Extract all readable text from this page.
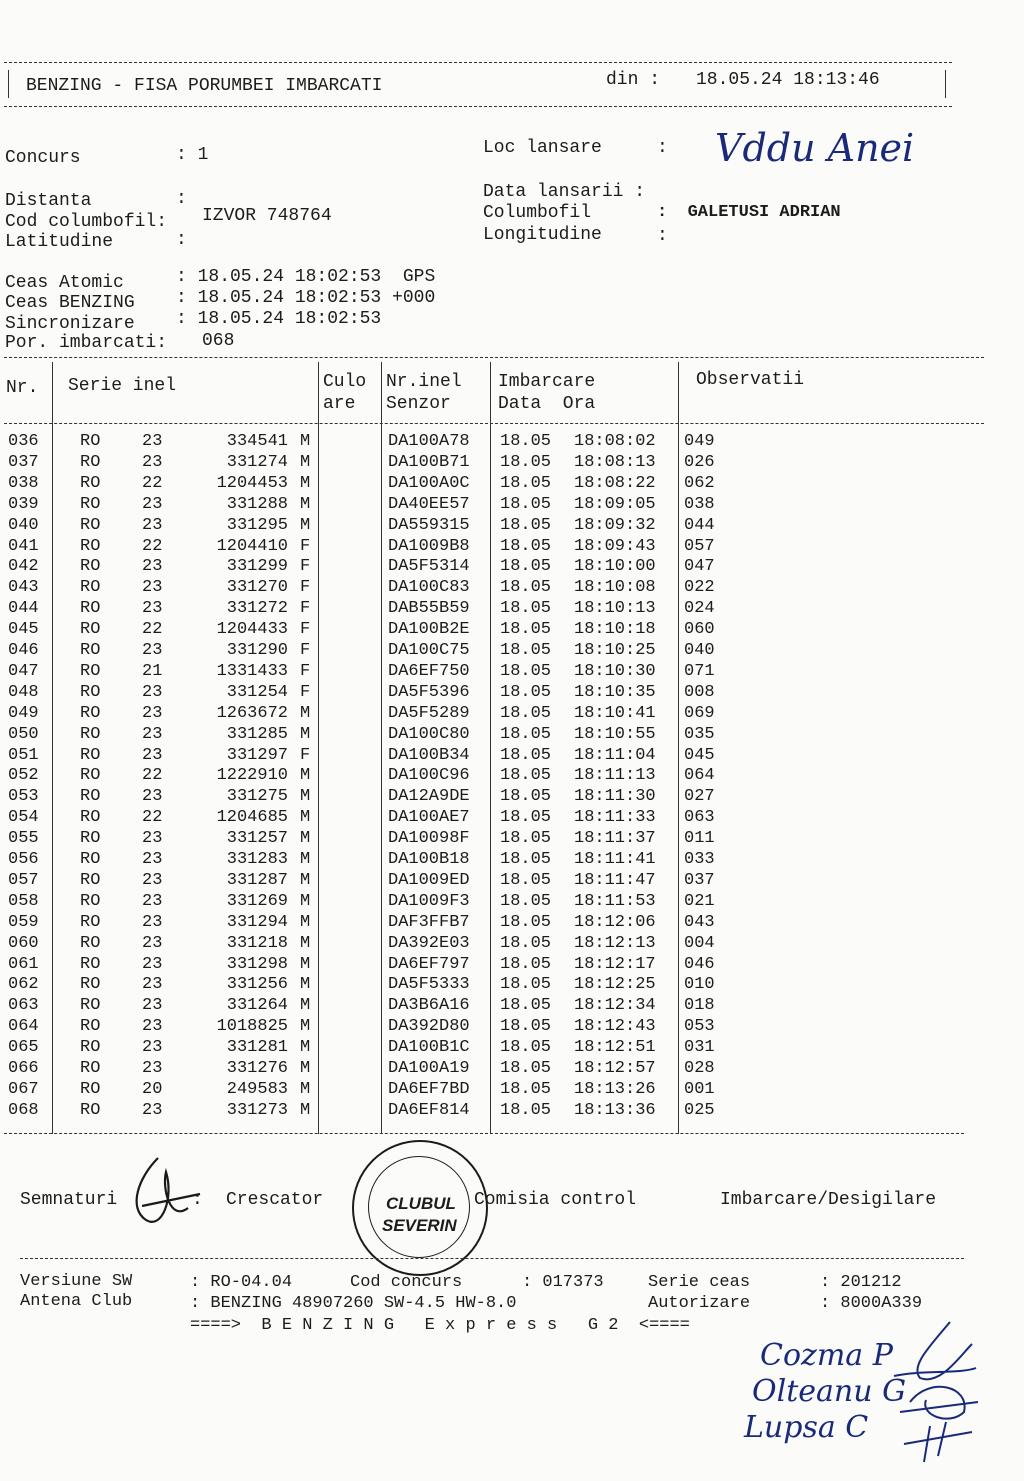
BENZING - FISA PORUMBEI IMBARCATI	din : 18.05.24 18:13:46
Concurs	: 1	Loc lansare	: Vddu Anei
Distanta	:	Data lansarii :
Cod columbofil: IZVOR 748764	Columbofil	:  GALETUSI ADRIAN
Latitudine	:	Longitudine	:
Ceas Atomic	: 18.05.24 18:02:53  GPS
Ceas BENZING : 18.05.24 18:02:53 +000
Sincronizare : 18.05.24 18:02:53
Por. imbarcati: 068
Nr. Serie inel	Culo
are
Nr.inel
Senzor
Imbarcare
Data  Ora
Observatii
036 RO 23	334541 M	DA100A78 18.05 18:08:02 049
037 RO 23	331274 M	DA100B71 18.05 18:08:13 026
038 RO 22	1204453 M	DA100A0C 18.05 18:08:22 062
039 RO 23	331288 M	DA40EE57 18.05 18:09:05 038
040 RO 23	331295 M	DA559315 18.05 18:09:32 044
041 RO 22	1204410 F	DA1009B8 18.05 18:09:43 057
042 RO 23	331299 F	DA5F5314 18.05 18:10:00 047
043 RO 23	331270 F	DA100C83 18.05 18:10:08 022
044 RO 23	331272 F	DAB55B59 18.05 18:10:13 024
045 RO 22	1204433 F	DA100B2E 18.05 18:10:18 060
046 RO 23	331290 F	DA100C75 18.05 18:10:25 040
047 RO 21	1331433 F	DA6EF750 18.05 18:10:30 071
048 RO 23	331254 F	DA5F5396 18.05 18:10:35 008
049 RO 23	1263672 M	DA5F5289 18.05 18:10:41 069
050 RO 23	331285 M	DA100C80 18.05 18:10:55 035
051 RO 23	331297 F	DA100B34 18.05 18:11:04 045
052 RO 22	1222910 M	DA100C96 18.05 18:11:13 064
053 RO 23	331275 M	DA12A9DE 18.05 18:11:30 027
054 RO 22	1204685 M	DA100AE7 18.05 18:11:33 063
055 RO 23	331257 M	DA10098F 18.05 18:11:37 011
056 RO 23	331283 M	DA100B18 18.05 18:11:41 033
057 RO 23	331287 M	DA1009ED 18.05 18:11:47 037
058 RO 23	331269 M	DA1009F3 18.05 18:11:53 021
059 RO 23	331294 M	DAF3FFB7 18.05 18:12:06 043
060 RO 23	331218 M	DA392E03 18.05 18:12:13 004
061 RO 23	331298 M	DA6EF797 18.05 18:12:17 046
062 RO 23	331256 M	DA5F5333 18.05 18:12:25 010
063 RO 23	331264 M	DA3B6A16 18.05 18:12:34 018
064 RO 23	1018825 M	DA392D80 18.05 18:12:43 053
065 RO 23	331281 M	DA100B1C 18.05 18:12:51 031
066 RO 23	331276 M	DA100A19 18.05 18:12:57 028
067 RO 20	249583 M	DA6EF7BD 18.05 18:13:26 001
068 RO 23	331273 M	DA6EF814 18.05 18:13:36 025
Semnaturi	: Crescator	Comisia control	Imbarcare/Desigilare
CLUBUL
SEVERIN
Versiune SW	: RO-04.04	Cod concurs	: 017373	Serie ceas	: 201212
Antena Club	: BENZING 48907260 SW-4.5 HW-8.0	Autorizare	: 8000A339
====>  B E N Z I N G   E x p r e s s   G 2  <====
Cozma P
Olteanu G
Lupsa C
